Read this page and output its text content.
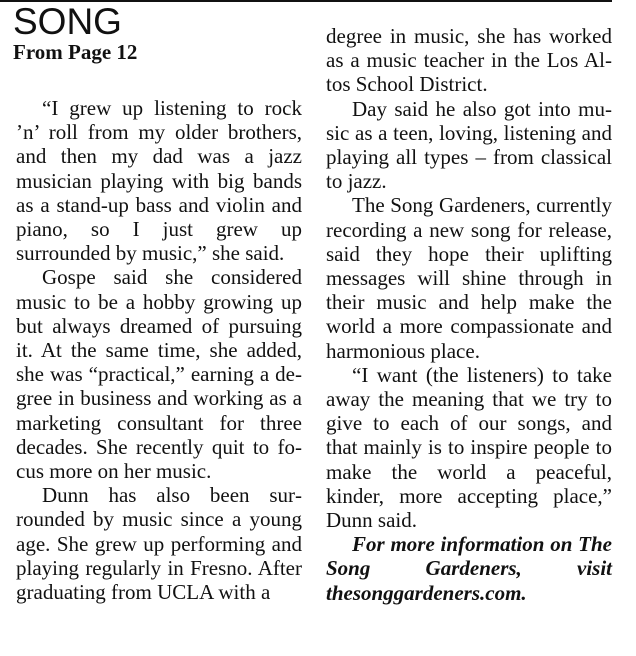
SONG
From Page 12

“I grew up listening to rock ’n’ roll from my older brothers, and then my dad was a jazz musician playing with big bands as a stand-up bass and violin and piano, so I just grew up surrounded by music,” she said.

Gospe said she considered music to be a hobby growing up but always dreamed of pursuing it. At the same time, she added, she was “practical,” earning a degree in business and working as a marketing consultant for three decades. She recently quit to focus more on her music.

Dunn has also been surrounded by music since a young age. She grew up performing and playing regularly in Fresno. After graduating from UCLA with a

degree in music, she has worked as a music teacher in the Los Altos School District.

Day said he also got into music as a teen, loving, listening and playing all types – from classical to jazz.

The Song Gardeners, currently recording a new song for release, said they hope their uplifting messages will shine through in their music and help make the world a more compassionate and harmonious place.

“I want (the listeners) to take away the meaning that we try to give to each of our songs, and that mainly is to inspire people to make the world a peaceful, kinder, more accepting place,” Dunn said.

For more information on The Song Gardeners, visit thesonggardeners.com.
